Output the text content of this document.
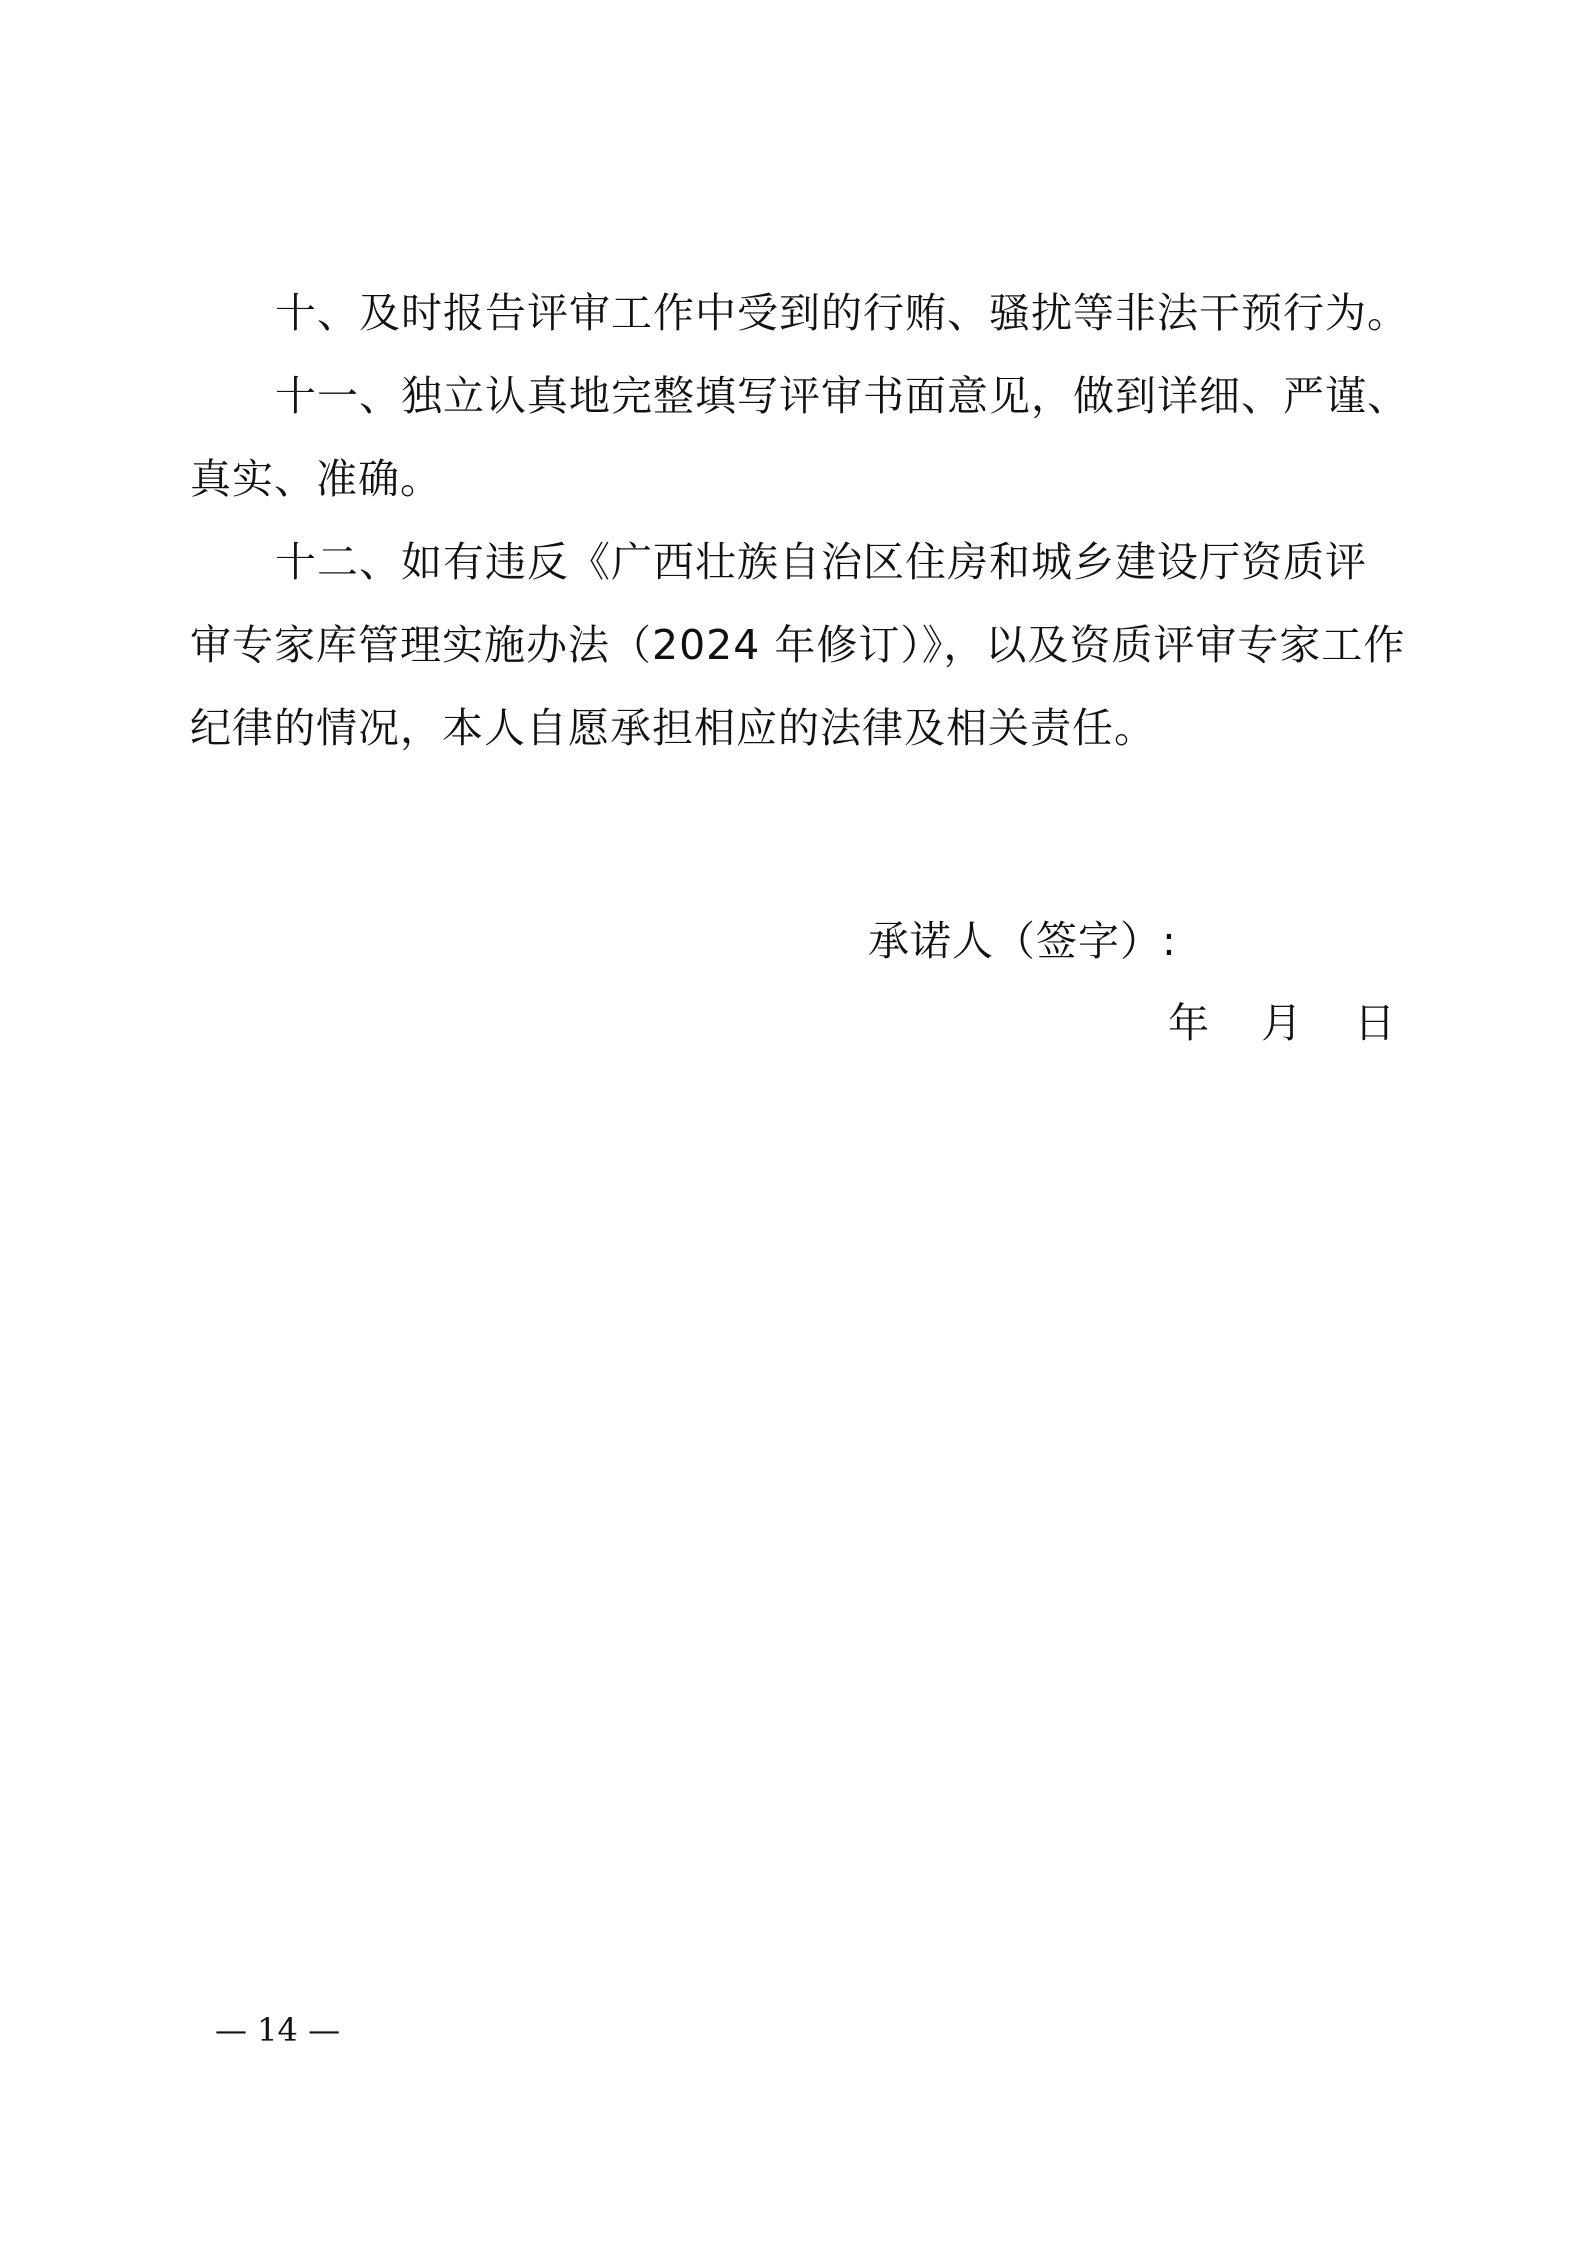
十、及时报告评审工作中受到的行贿、骚扰等非法干预行为。

十一、独立认真地完整填写评审书面意见，做到详细、严谨、

真实、准确。

十二、如有违反《广西壮族自治区住房和城乡建设厅资质评

审专家库管理实施办法（2024 年修订）》，以及资质评审专家工作

纪律的情况，本人自愿承担相应的法律及相关责任。

承诺人（签字）:
年    月    日
— 14 —
